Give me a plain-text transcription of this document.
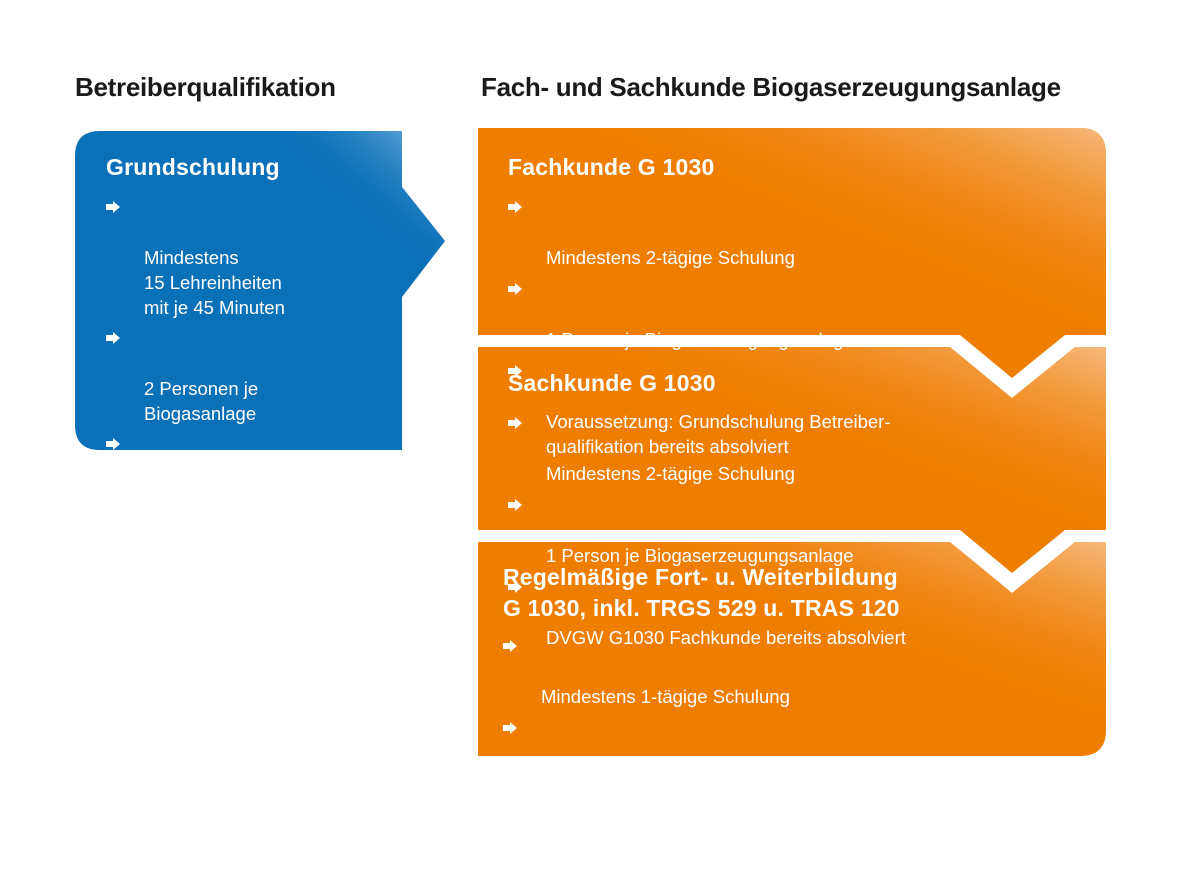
Betreiberqualifikation	Fach- und Sachkunde Biogaserzeugungsanlage
Grundschulung

Mindestens
15 Lehreinheiten
mit je 45 Minuten

2 Personen je
Biogasanlage

Mit Kenntnisnachweis

Einmalig vor Aufnahme
der Tätigkeit

Fachkunde G 1030

Mindestens 2-tägige Schulung

1 Person je Biogaserzeugungsanlage

Voraussetzung: Grundschulung Betreiber-
qualifikation bereits absolviert

Sachkunde G 1030

Mindestens 2-tägige Schulung

1 Person je Biogaserzeugungsanlage

DVGW G1030 Fachkunde bereits absolviert

Regelmäßige Fort- u. Weiterbildung
G 1030, inkl. TRGS 529 u. TRAS 120

Mindestens 1-tägige Schulung

1 Person je Biogaserzeugungsanlage

Wiederkehrend alle 1-2 Jahre
